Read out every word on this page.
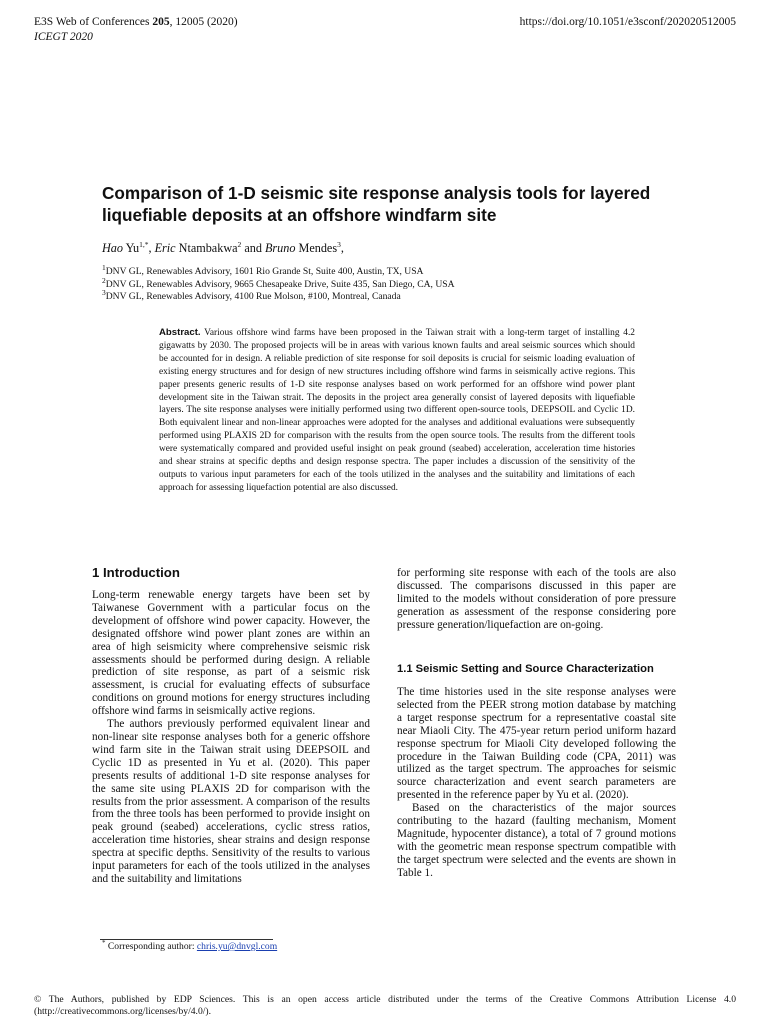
E3S Web of Conferences 205, 12005 (2020)	https://doi.org/10.1051/e3sconf/202020512005
ICEGT 2020
Comparison of 1-D seismic site response analysis tools for layered liquefiable deposits at an offshore windfarm site
Hao $Yu^{1,*}$, Eric Ntambakwa$^2$ and Bruno Mendes$^3$,
$^1$DNV GL, Renewables Advisory, 1601 Rio Grande St, Suite 400, Austin, TX, USA
$^2$DNV GL, Renewables Advisory, 9665 Chesapeake Drive, Suite 435, San Diego, CA, USA
$^3$DNV GL, Renewables Advisory, 4100 Rue Molson, #100, Montreal, Canada
Abstract. Various offshore wind farms have been proposed in the Taiwan strait with a long-term target of installing 4.2 gigawatts by 2030. The proposed projects will be in areas with various known faults and areal seismic sources which should be accounted for in design. A reliable prediction of site response for soil deposits is crucial for seismic loading evaluation of existing energy structures and for design of new structures including offshore wind farms in seismically active regions. This paper presents generic results of 1-D site response analyses based on work performed for an offshore wind power plant development site in the Taiwan strait. The deposits in the project area generally consist of layered deposits with liquefiable layers. The site response analyses were initially performed using two different open-source tools, DEEPSOIL and Cyclic 1D. Both equivalent linear and non-linear approaches were adopted for the analyses and additional evaluations were subsequently performed using PLAXIS 2D for comparison with the results from the open source tools. The results from the different tools were systematically compared and provided useful insight on peak ground (seabed) acceleration, acceleration time histories and shear strains at specific depths and design response spectra. The paper includes a discussion of the sensitivity of the outputs to various input parameters for each of the tools utilized in the analyses and the suitability and limitations of each approach for assessing liquefaction potential are also discussed.
1 Introduction

Long-term renewable energy targets have been set by Taiwanese Government with a particular focus on the development of offshore wind power capacity. However, the designated offshore wind power plant zones are within an area of high seismicity where comprehensive seismic risk assessments should be performed during design. A reliable prediction of site response, as part of a seismic risk assessment, is crucial for evaluating effects of subsurface conditions on ground motions for energy structures including offshore wind farms in seismically active regions.

The authors previously performed equivalent linear and non-linear site response analyses both for a generic offshore wind farm site in the Taiwan strait using DEEPSOIL and Cyclic 1D as presented in Yu et al. (2020). This paper presents results of additional 1-D site response analyses for the same site using PLAXIS 2D for comparison with the results from the prior assessment. A comparison of the results from the three tools has been performed to provide insight on peak ground (seabed) accelerations, cyclic stress ratios, acceleration time histories, shear strains and design response spectra at specific depths. Sensitivity of the results to various input parameters for each of the tools utilized in the analyses and the suitability and limitations

for performing site response with each of the tools are also discussed. The comparisons discussed in this paper are limited to the models without consideration of pore pressure generation as assessment of the response considering pore pressure generation/liquefaction are on-going.

1.1 Seismic Setting and Source Characterization

The time histories used in the site response analyses were selected from the PEER strong motion database by matching a target response spectrum for a representative coastal site near Miaoli City. The 475-year return period uniform hazard response spectrum for Miaoli City developed following the procedure in the Taiwan Building code (CPA, 2011) was utilized as the target spectrum. The approaches for seismic source characterization and event search parameters are presented in the reference paper by Yu et al. (2020).

Based on the characteristics of the major sources contributing to the hazard (faulting mechanism, Moment Magnitude, hypocenter distance), a total of 7 ground motions with the geometric mean response spectrum compatible with the target spectrum were selected and the events are shown in Table 1.

* Corresponding author: chris.yu@dnvgl.com
© The Authors, published by EDP Sciences. This is an open access article distributed under the terms of the Creative Commons Attribution License 4.0 (http://creativecommons.org/licenses/by/4.0/).
